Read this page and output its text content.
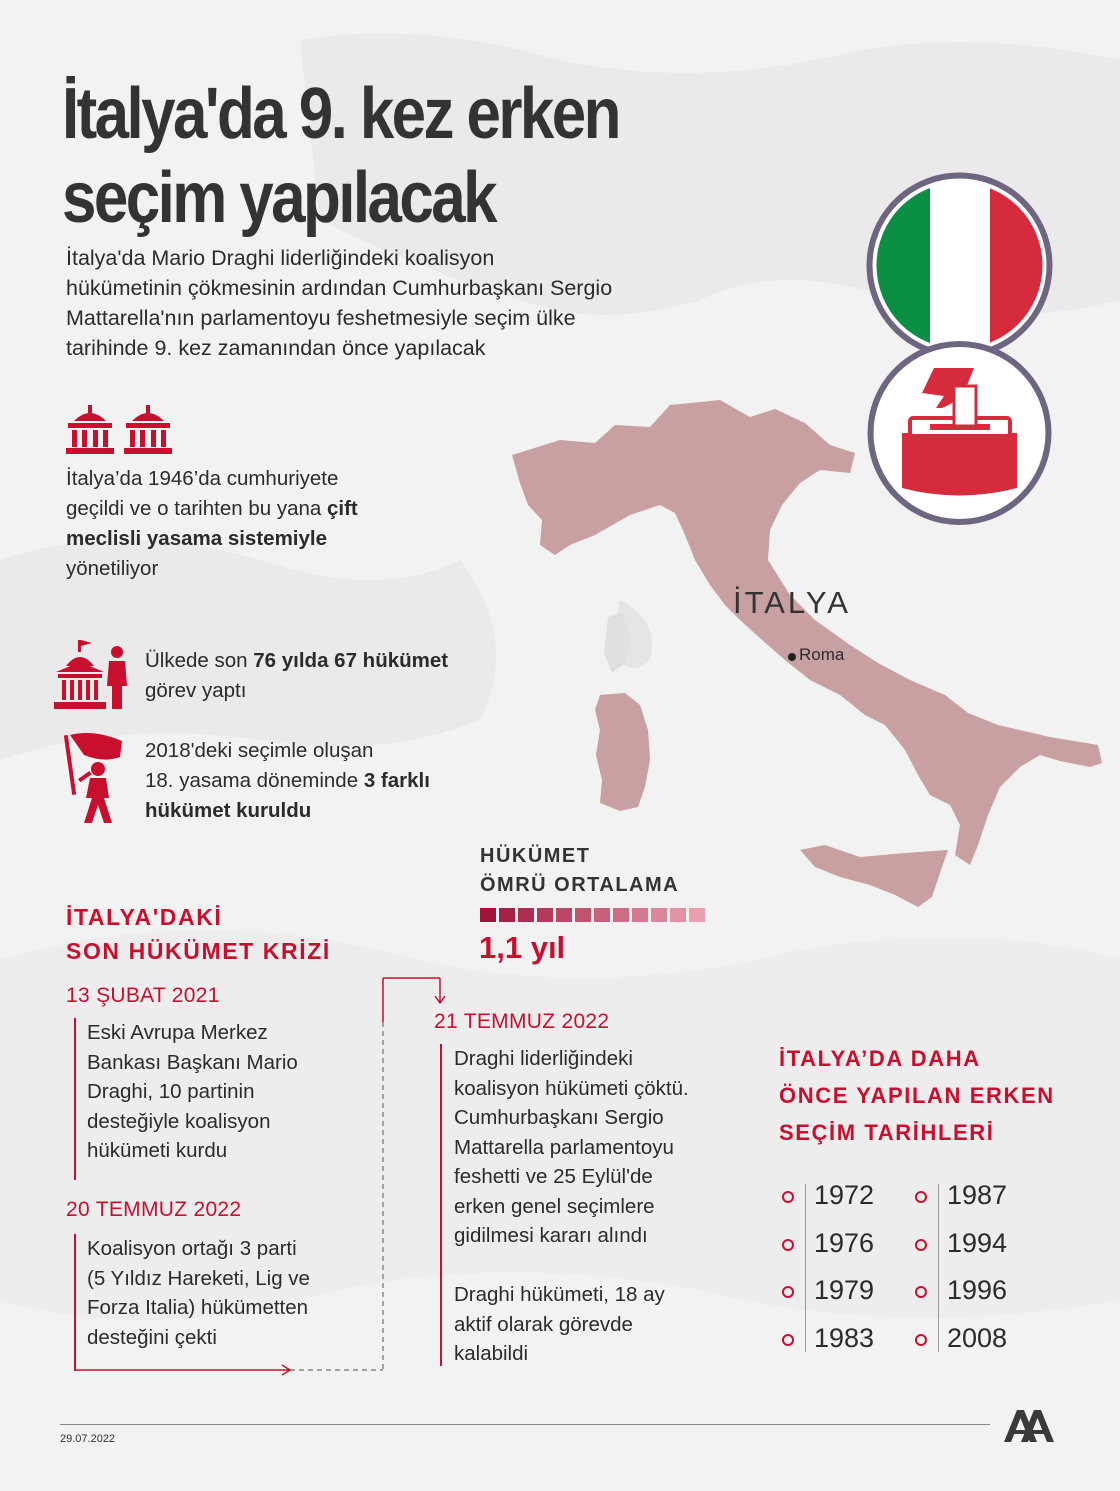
İtalya'da 9. kez erken
seçim yapılacak
İtalya'da Mario Draghi liderliğindeki koalisyon
hükümetinin çökmesinin ardından Cumhurbaşkanı Sergio
Mattarella'nın parlamentoyu feshetmesiyle seçim ülke
tarihinde 9. kez zamanından önce yapılacak
İTALYA
Roma
İtalya’da 1946’da cumhuriyete
geçildi ve o tarihten bu yana çift
meclisli yasama sistemiyle
yönetiliyor
Ülkede son 76 yılda 67 hükümet
görev yaptı
2018'deki seçimle oluşan
18. yasama döneminde 3 farklı
hükümet kuruldu
HÜKÜMET
ÖMRÜ ORTALAMA
1,1 yıl
İTALYA'DAKİ
SON HÜKÜMET KRİZİ
13 ŞUBAT 2021
Eski Avrupa Merkez
Bankası Başkanı Mario
Draghi, 10 partinin
desteğiyle koalisyon
hükümeti kurdu
20 TEMMUZ 2022
Koalisyon ortağı 3 parti
(5 Yıldız Hareketi, Lig ve
Forza Italia) hükümetten
desteğini çekti
21 TEMMUZ 2022
Draghi liderliğindeki
koalisyon hükümeti çöktü.
Cumhurbaşkanı Sergio
Mattarella parlamentoyu
feshetti ve 25 Eylül'de
erken genel seçimlere
gidilmesi kararı alındı
Draghi hükümeti, 18 ay
aktif olarak görevde
kalabildi
İTALYA’DA DAHA
ÖNCE YAPILAN ERKEN
SEÇİM TARİHLERİ
1972
1976
1979
1983
1987
1994
1996
2008
29.07.2022
